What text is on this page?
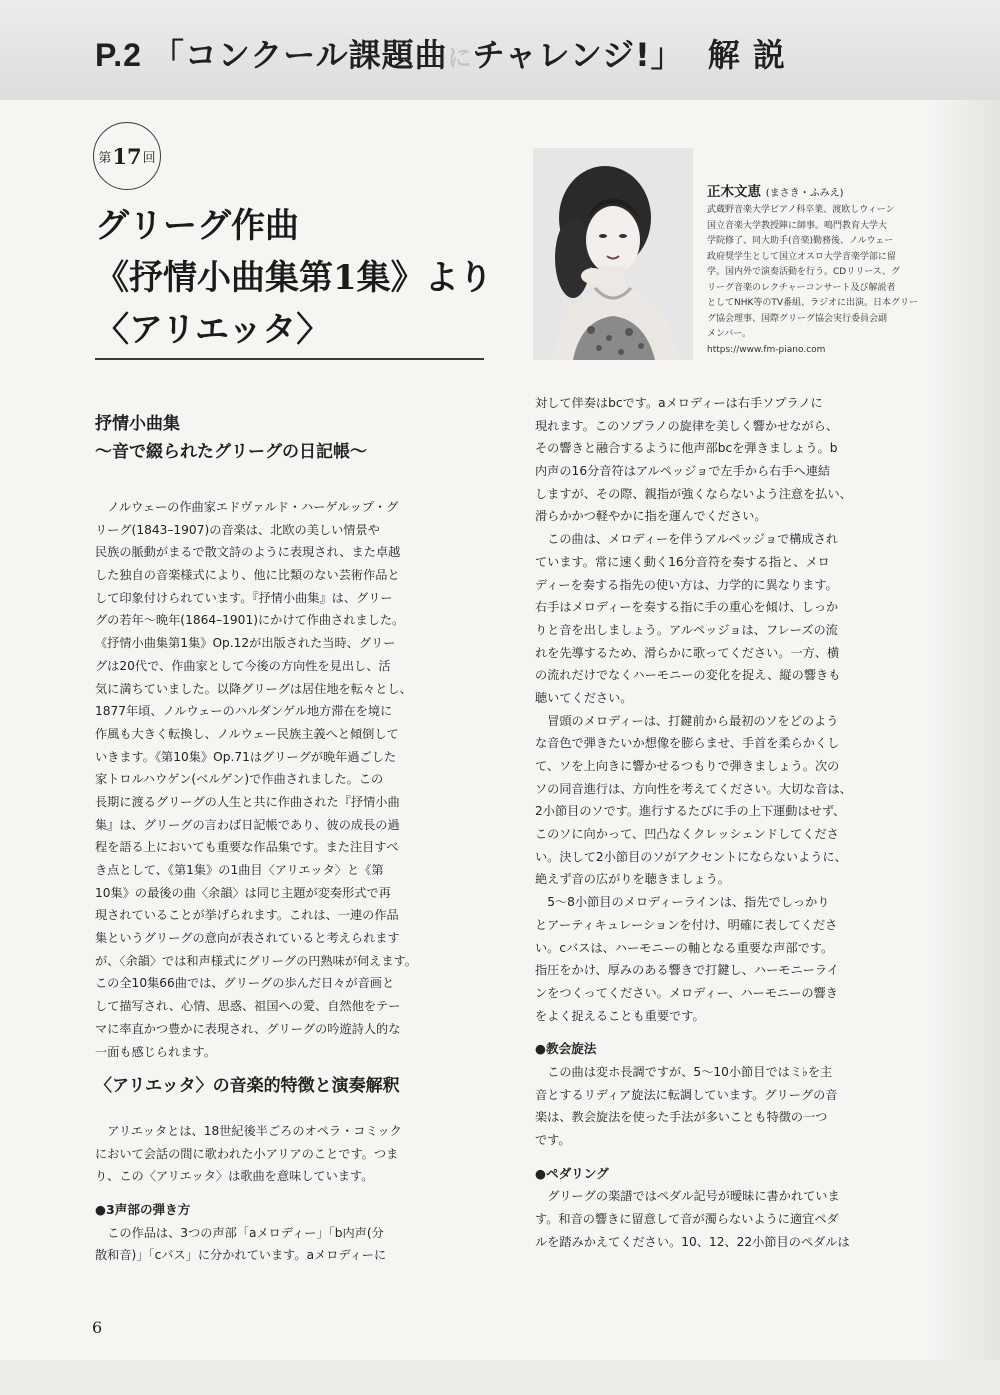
P.2 「コンクール課題曲にチャレンジ!」 解 説
第 17 回
グリーグ作曲
《抒情小曲集第1集》より
〈アリエッタ〉
正木文恵 (まさき・ふみえ)
武蔵野音楽大学ピアノ科卒業、渡欧しウィーン
国立音楽大学教授陣に師事。鳴門教育大学大
学院修了、同大助手(音楽)勤務後、ノルウェー
政府奨学生として国立オスロ大学音楽学部に留
学。国内外で演奏活動を行う。CDリリース、グ
リーグ音楽のレクチャーコンサート及び解説者
としてNHK等のTV番組、ラジオに出演。日本グリー
グ協会理事、国際グリーグ協会実行委員会副
メンバー。
https://www.fm-piano.com
抒情小曲集
〜音で綴られたグリーグの日記帳〜
ノルウェーの作曲家エドヴァルド・ハーゲルップ・グ
リーグ(1843–1907)の音楽は、北欧の美しい情景や
民族の脈動がまるで散文詩のように表現され、また卓越
した独自の音楽様式により、他に比類のない芸術作品と
して印象付けられています。『抒情小曲集』は、グリー
グの若年〜晩年(1864–1901)にかけて作曲されました。
《抒情小曲集第1集》Op.12が出版された当時、グリー
グは20代で、作曲家として今後の方向性を見出し、活
気に満ちていました。以降グリーグは居住地を転々とし、
1877年頃、ノルウェーのハルダンゲル地方滞在を境に
作風も大きく転換し、ノルウェー民族主義へと傾倒して
いきます。《第10集》Op.71はグリーグが晩年過ごした
家トロルハウゲン(ベルゲン)で作曲されました。この
長期に渡るグリーグの人生と共に作曲された『抒情小曲
集』は、グリーグの言わば日記帳であり、彼の成長の過
程を語る上においても重要な作品集です。また注目すべ
き点として、《第1集》の1曲目〈アリエッタ〉と《第
10集》の最後の曲〈余韻〉は同じ主題が変奏形式で再
現されていることが挙げられます。これは、一連の作品
集というグリーグの意向が表されていると考えられます
が、〈余韻〉では和声様式にグリーグの円熟味が伺えます。
この全10集66曲では、グリーグの歩んだ日々が音画と
して描写され、心情、思惑、祖国への愛、自然他をテー
マに率直かつ豊かに表現され、グリーグの吟遊詩人的な
一面も感じられます。
〈アリエッタ〉の音楽的特徴と演奏解釈
アリエッタとは、18世紀後半ごろのオペラ・コミック
において会話の間に歌われた小アリアのことです。つま
り、この〈アリエッタ〉は歌曲を意味しています。
●3声部の弾き方
この作品は、3つの声部「aメロディー」「b内声(分
散和音)」「cバス」に分かれています。aメロディーに
対して伴奏はbcです。aメロディーは右手ソプラノに
現れます。このソプラノの旋律を美しく響かせながら、
その響きと融合するように他声部bcを弾きましょう。b
内声の16分音符はアルペッジョで左手から右手へ連結
しますが、その際、親指が強くならないよう注意を払い、
滑らかかつ軽やかに指を運んでください。
この曲は、メロディーを伴うアルペッジョで構成され
ています。常に速く動く16分音符を奏する指と、メロ
ディーを奏する指先の使い方は、力学的に異なります。
右手はメロディーを奏する指に手の重心を傾け、しっか
りと音を出しましょう。アルペッジョは、フレーズの流
れを先導するため、滑らかに歌ってください。一方、横
の流れだけでなくハーモニーの変化を捉え、縦の響きも
聴いてください。
冒頭のメロディーは、打鍵前から最初のソをどのよう
な音色で弾きたいか想像を膨らませ、手首を柔らかくし
て、ソを上向きに響かせるつもりで弾きましょう。次の
ソの同音進行は、方向性を考えてください。大切な音は、
2小節目のソです。進行するたびに手の上下運動はせず、
このソに向かって、凹凸なくクレッシェンドしてくださ
い。決して2小節目のソがアクセントにならないように、
絶えず音の広がりを聴きましょう。
5〜8小節目のメロディーラインは、指先でしっかり
とアーティキュレーションを付け、明確に表してくださ
い。cバスは、ハーモニーの軸となる重要な声部です。
指圧をかけ、厚みのある響きで打鍵し、ハーモニーライ
ンをつくってください。メロディー、ハーモニーの響き
をよく捉えることも重要です。
●教会旋法
この曲は変ホ長調ですが、5〜10小節目ではミ♭を主
音とするリディア旋法に転調しています。グリーグの音
楽は、教会旋法を使った手法が多いことも特徴の一つ
です。
●ペダリング
グリーグの楽譜ではペダル記号が曖昧に書かれていま
す。和音の響きに留意して音が濁らないように適宜ペダ
ルを踏みかえてください。10、12、22小節目のペダルは
6
